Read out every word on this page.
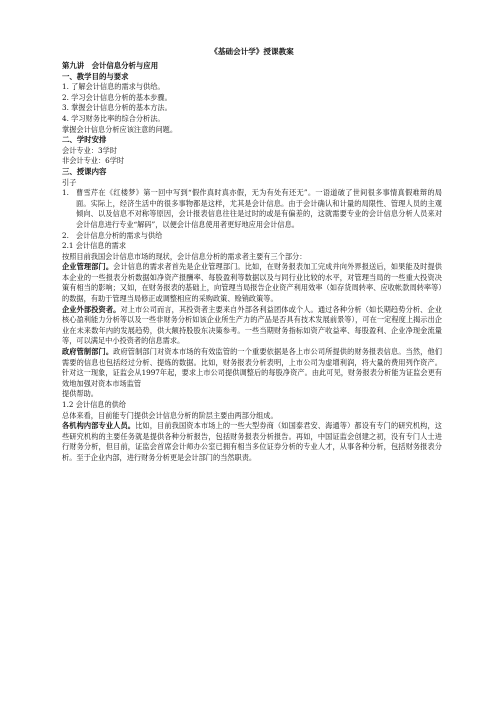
《基础会计学》授课教案
第九讲　会计信息分析与应用
一、教学目的与要求
1. 了解会计信息的需求与供给。
2. 学习会计信息分析的基本步骤。
3. 掌握会计信息分析的基本方法。
4. 学习财务比率的综合分析法。
掌握会计信息分析应该注意的问题。
二、学时安排
会计专业：3学时
非会计专业：6学时
三、授课内容
引子
1. 曹雪芹在《红楼梦》第一回中写到“假作真时真亦假，无为有处有还无”。一语道破了世间很多事情真假难辩的局面。实际上，经济生活中的很多事物都是这样，尤其是会计信息。由于会计确认和计量的局限性、管理人员的主观倾向、以及信息不对称等原因，会计报表信息往往是过时的或是有偏差的，这就需要专业的会计信息分析人员来对会计信息进行专业“解码”，以便会计信息使用者更好地应用会计信息。
2. 会计信息分析的需求与供给
2.1 会计信息的需求
按照目前我国会计信息市场的现状，会计信息分析的需求者主要有三个部分：
企业管理部门。会计信息的需求者首先是企业管理部门。比如，在财务报表加工完成并向外界报送后，如果能及时提供本企业的一些报表分析数据如净资产报酬率、每股盈利等数据以及与同行业比较的水平，对管理当局的一些重大投资决策有相当的影响；又如，在财务报表的基础上，向管理当局报告企业资产利用效率（如存货周转率、应收帐款周转率等）的数据，有助于管理当局修正或调整相应的采购政策、赊销政策等。
企业外部投资者。对上市公司而言，其投资者主要来自外部各利益团体或个人。通过各种分析（如长期趋势分析、企业核心盈利能力分析等以及一些非财务分析如该企业所生产力的产品是否具有技术发展前景等），可在一定程度上揭示出企业在未来数年内的发展趋势，供大额持股股东决策参考。一些当期财务指标如资产收益率、每股盈利、企业净现金流量等，可以满足中小投资者的信息需求。
政府管制部门。政府管制部门对资本市场的有效监管的一个重要依据是各上市公司所提供的财务报表信息。当然，他们需要的信息也包括经过分析、提炼的数据。比如，财务报表分析表明，上市公司为虚增利润，将大量的费用列作资产。针对这一现象，证监会从1997年起，要求上市公司提供调整后的每股净资产。由此可见，财务报表分析能为证监会更有效地加强对资本市场监管
提供帮助。
1.2 会计信息的供给
总体来看，目前能专门提供会计信息分析的阶层主要由两部分组成。
各机构内部专业人员。比如，目前我国资本市场上的一些大型券商（如国泰君安、海通等）都设有专门的研究机构，这些研究机构的主要任务就是提供各种分析报告，包括财务报表分析报告。再如，中国证监会创建之初，没有专门人士进行财务分析，但目前，证监会首席会计师办公室已拥有相当多位证券分析的专业人才，从事各种分析，包括财务报表分析。至于企业内部，进行财务分析更是会计部门的当然职责。
